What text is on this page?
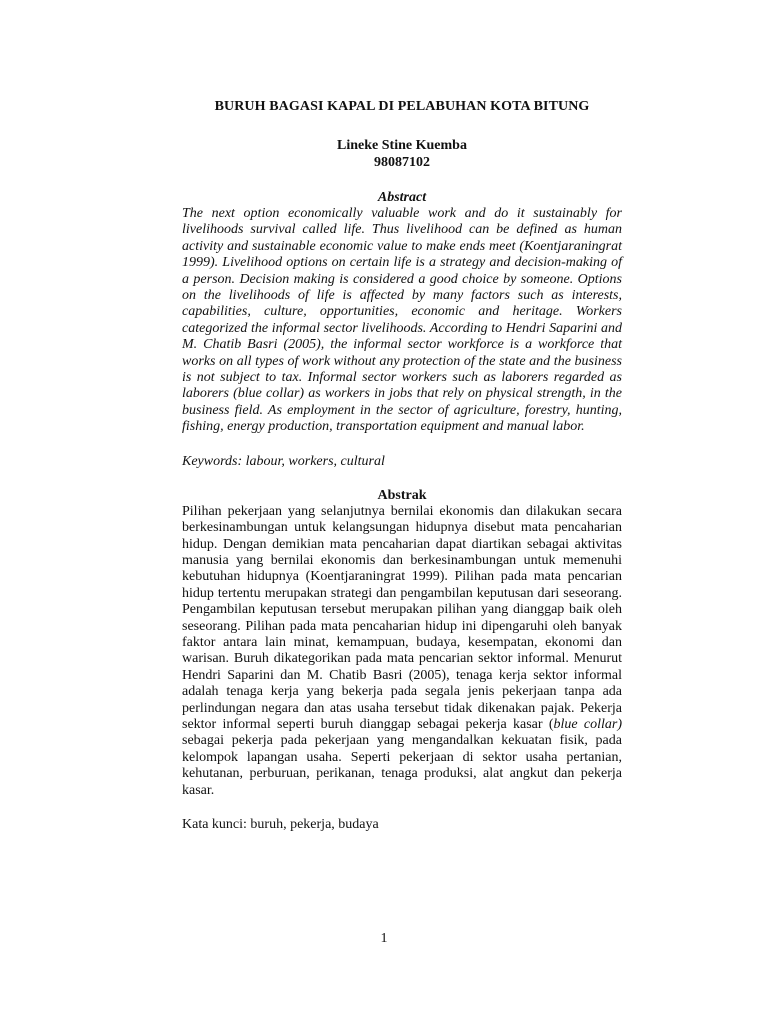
BURUH BAGASI KAPAL DI PELABUHAN KOTA BITUNG

Lineke Stine Kuemba

98087102

Abstract

The next option economically valuable work and do it sustainably for livelihoods survival called life. Thus livelihood can be defined as human activity and sustainable economic value to make ends meet (Koentjaraningrat 1999). Livelihood options on certain life is a strategy and decision-making of a person. Decision making is considered a good choice by someone. Options on the livelihoods of life is affected by many factors such as interests, capabilities, culture, opportunities, economic and heritage. Workers categorized the informal sector livelihoods. According to Hendri Saparini and M. Chatib Basri (2005), the informal sector workforce is a workforce that works on all types of work without any protection of the state and the business is not subject to tax. Informal sector workers such as laborers regarded as laborers (blue collar) as workers in jobs that rely on physical strength, in the business field. As employment in the sector of agriculture, forestry, hunting, fishing, energy production, transportation equipment and manual labor.

Keywords: labour, workers, cultural

Abstrak

Pilihan pekerjaan yang selanjutnya bernilai ekonomis dan dilakukan secara berkesinambungan untuk kelangsungan hidupnya disebut mata pencaharian hidup. Dengan demikian mata pencaharian dapat diartikan sebagai aktivitas manusia yang bernilai ekonomis dan berkesinambungan untuk memenuhi kebutuhan hidupnya (Koentjaraningrat 1999). Pilihan pada mata pencarian hidup tertentu merupakan strategi dan pengambilan keputusan dari seseorang. Pengambilan keputusan tersebut merupakan pilihan yang dianggap baik oleh seseorang. Pilihan pada mata pencaharian hidup ini dipengaruhi oleh banyak faktor antara lain minat, kemampuan, budaya, kesempatan, ekonomi dan warisan. Buruh dikategorikan pada mata pencarian sektor informal. Menurut Hendri Saparini dan M. Chatib Basri (2005), tenaga kerja sektor informal adalah tenaga kerja yang bekerja pada segala jenis pekerjaan tanpa ada perlindungan negara dan atas usaha tersebut tidak dikenakan pajak. Pekerja sektor informal seperti buruh dianggap sebagai pekerja kasar (blue collar) sebagai pekerja pada pekerjaan yang mengandalkan kekuatan fisik, pada kelompok lapangan usaha. Seperti pekerjaan di sektor usaha pertanian, kehutanan, perburuan, perikanan, tenaga produksi, alat angkut dan pekerja kasar.

Kata kunci: buruh, pekerja, budaya

1
